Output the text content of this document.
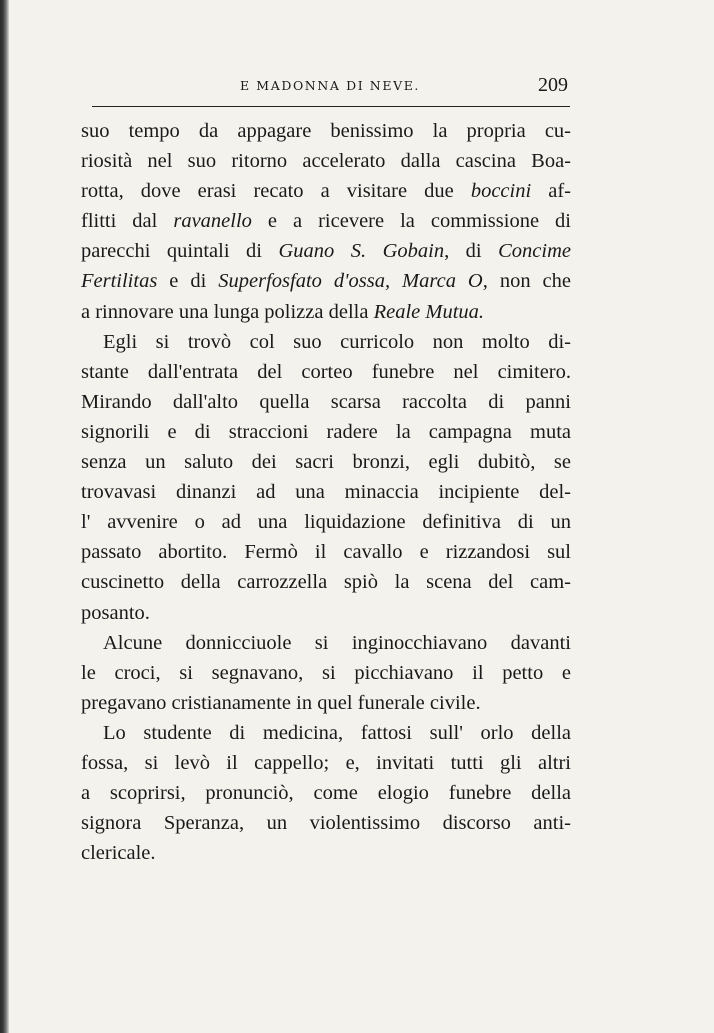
E MADONNA DI NEVE.	209
suo tempo da appagare benissimo la propria cu-
riosità nel suo ritorno accelerato dalla cascina Boa-
rotta, dove erasi recato a visitare due boccini af-
flitti dal ravanello e a ricevere la commissione di
parecchi quintali di Guano S. Gobain, di Concime
Fertilitas e di Superfosfato d'ossa, Marca O, non che
a rinnovare una lunga polizza della Reale Mutua.
Egli si trovò col suo curricolo non molto di-
stante dall'entrata del corteo funebre nel cimitero.
Mirando dall'alto quella scarsa raccolta di panni
signorili e di straccioni radere la campagna muta
senza un saluto dei sacri bronzi, egli dubitò, se
trovavasi dinanzi ad una minaccia incipiente del-
l' avvenire o ad una liquidazione definitiva di un
passato abortito. Fermò il cavallo e rizzandosi sul
cuscinetto della carrozzella spiò la scena del cam-
posanto.
Alcune donnicciuole si inginocchiavano davanti
le croci, si segnavano, si picchiavano il petto e
pregavano cristianamente in quel funerale civile.
Lo studente di medicina, fattosi sull' orlo della
fossa, si levò il cappello; e, invitati tutti gli altri
a scoprirsi, pronunciò, come elogio funebre della
signora Speranza, un violentissimo discorso anti-
clericale.
